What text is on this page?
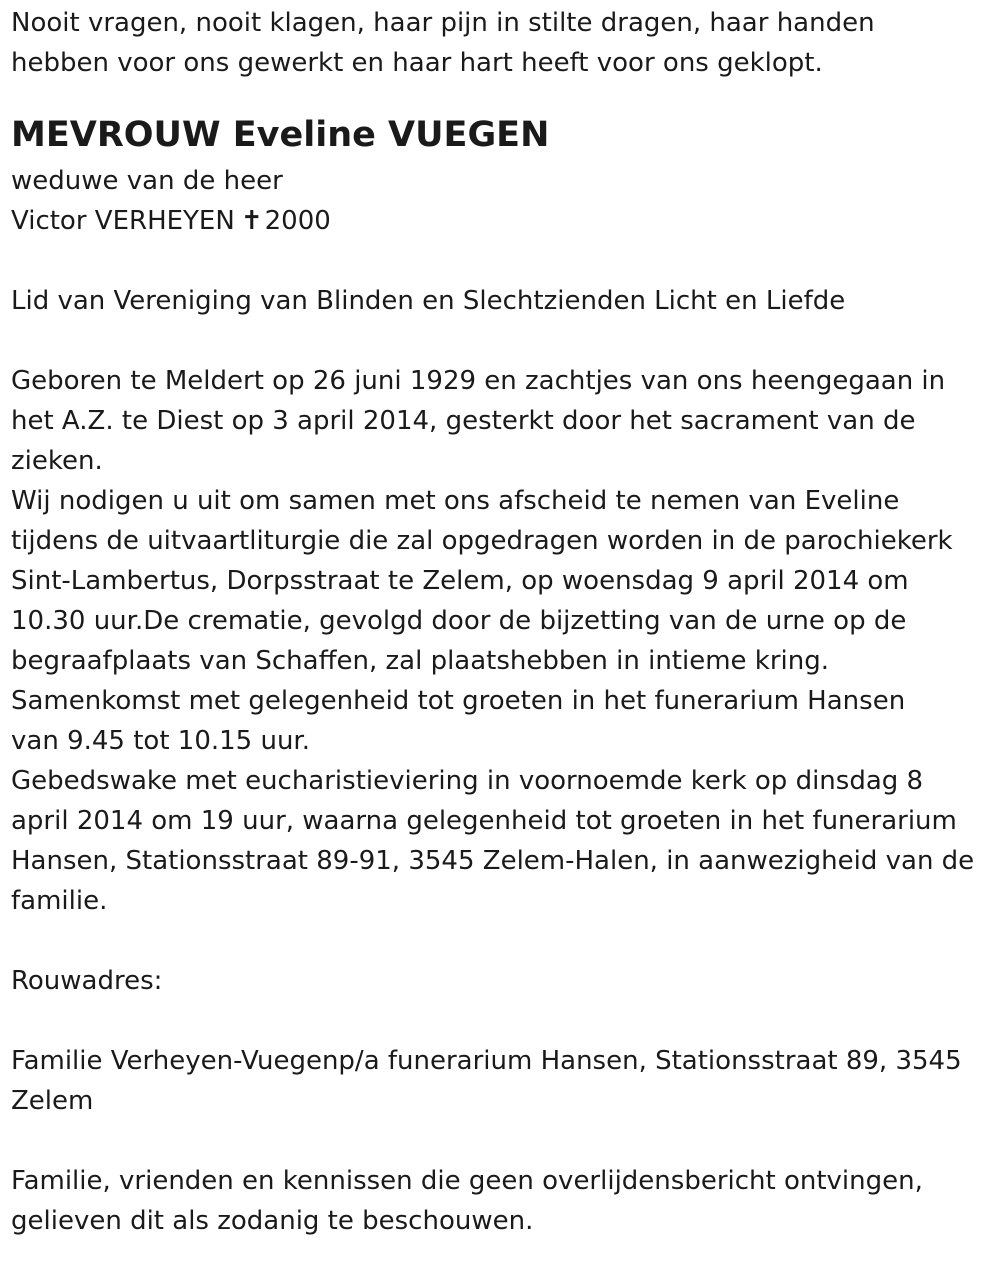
Nooit vragen, nooit klagen, haar pijn in stilte dragen, haar handen
hebben voor ons gewerkt en haar hart heeft voor ons geklopt.
MEVROUW Eveline VUEGEN
weduwe van de heer
Victor VERHEYEN ✝2000
Lid van Vereniging van Blinden en Slechtzienden Licht en Liefde
Geboren te Meldert op 26 juni 1929 en zachtjes van ons heengegaan in
het A.Z. te Diest op 3 april 2014, gesterkt door het sacrament van de
zieken.
Wij nodigen u uit om samen met ons afscheid te nemen van Eveline
tijdens de uitvaartliturgie die zal opgedragen worden in de parochiekerk
Sint-Lambertus, Dorpsstraat te Zelem, op woensdag 9 april 2014 om
10.30 uur.De crematie, gevolgd door de bijzetting van de urne op de
begraafplaats van Schaffen, zal plaatshebben in intieme kring.
Samenkomst met gelegenheid tot groeten in het funerarium Hansen
van 9.45 tot 10.15 uur.
Gebedswake met eucharistieviering in voornoemde kerk op dinsdag 8
april 2014 om 19 uur, waarna gelegenheid tot groeten in het funerarium
Hansen, Stationsstraat 89-91, 3545 Zelem-Halen, in aanwezigheid van de
familie.
Rouwadres:
Familie Verheyen-Vuegenp/a funerarium Hansen, Stationsstraat 89, 3545
Zelem
Familie, vrienden en kennissen die geen overlijdensbericht ontvingen,
gelieven dit als zodanig te beschouwen.
